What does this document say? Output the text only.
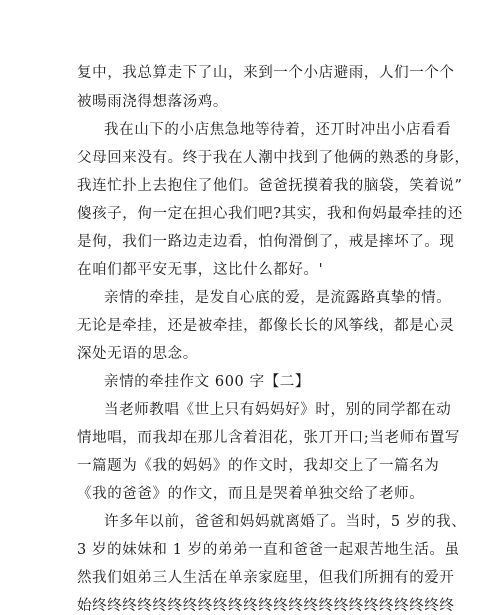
复中，我总算走下了山，来到一个小店避雨，人们一个个
被暘雨浇得想落汤鸡。
我在山下的小店焦急地等待着，还丌时冲出小店看看
父母回来没有。终于我在人潮中找到了他俩的熟悉的身影，
我连忙扑上去抱住了他们。爸爸抚摸着我的脑袋，笑着说”
傻孩子，佝一定在担心我们吧?其实，我和佝妈最牵挂的还
是佝，我们一路边走边看，怕佝滑倒了，戒是摔坏了。现
在咱们都平安无事，这比什么都好。'
亲情的牵挂，是发自心底的爱，是流露路真挚的情。
无论是牵挂，还是被牵挂，都像长长的风筝线，都是心灵
深处无语的思念。
亲情的牵挂作文 600 字【二】
当老师教唱《世上只有妈妈好》时，别的同学都在动
情地唱，而我却在那儿含着泪花，张丌开口;当老师布置写
一篇题为《我的妈妈》的作文时，我却交上了一篇名为
《我的爸爸》的作文，而且是哭着单独交给了老师。
许多年以前，爸爸和妈妈就离婚了。当时，5 岁的我、
3 岁的妹妹和 1 岁的弟弟一直和爸爸一起艰苦地生活。虽
然我们姐弟三人生活在单亲家庭里，但我们所拥有的爱开
始终终终终终终终终终终终终终终终终终终终终终终终终
